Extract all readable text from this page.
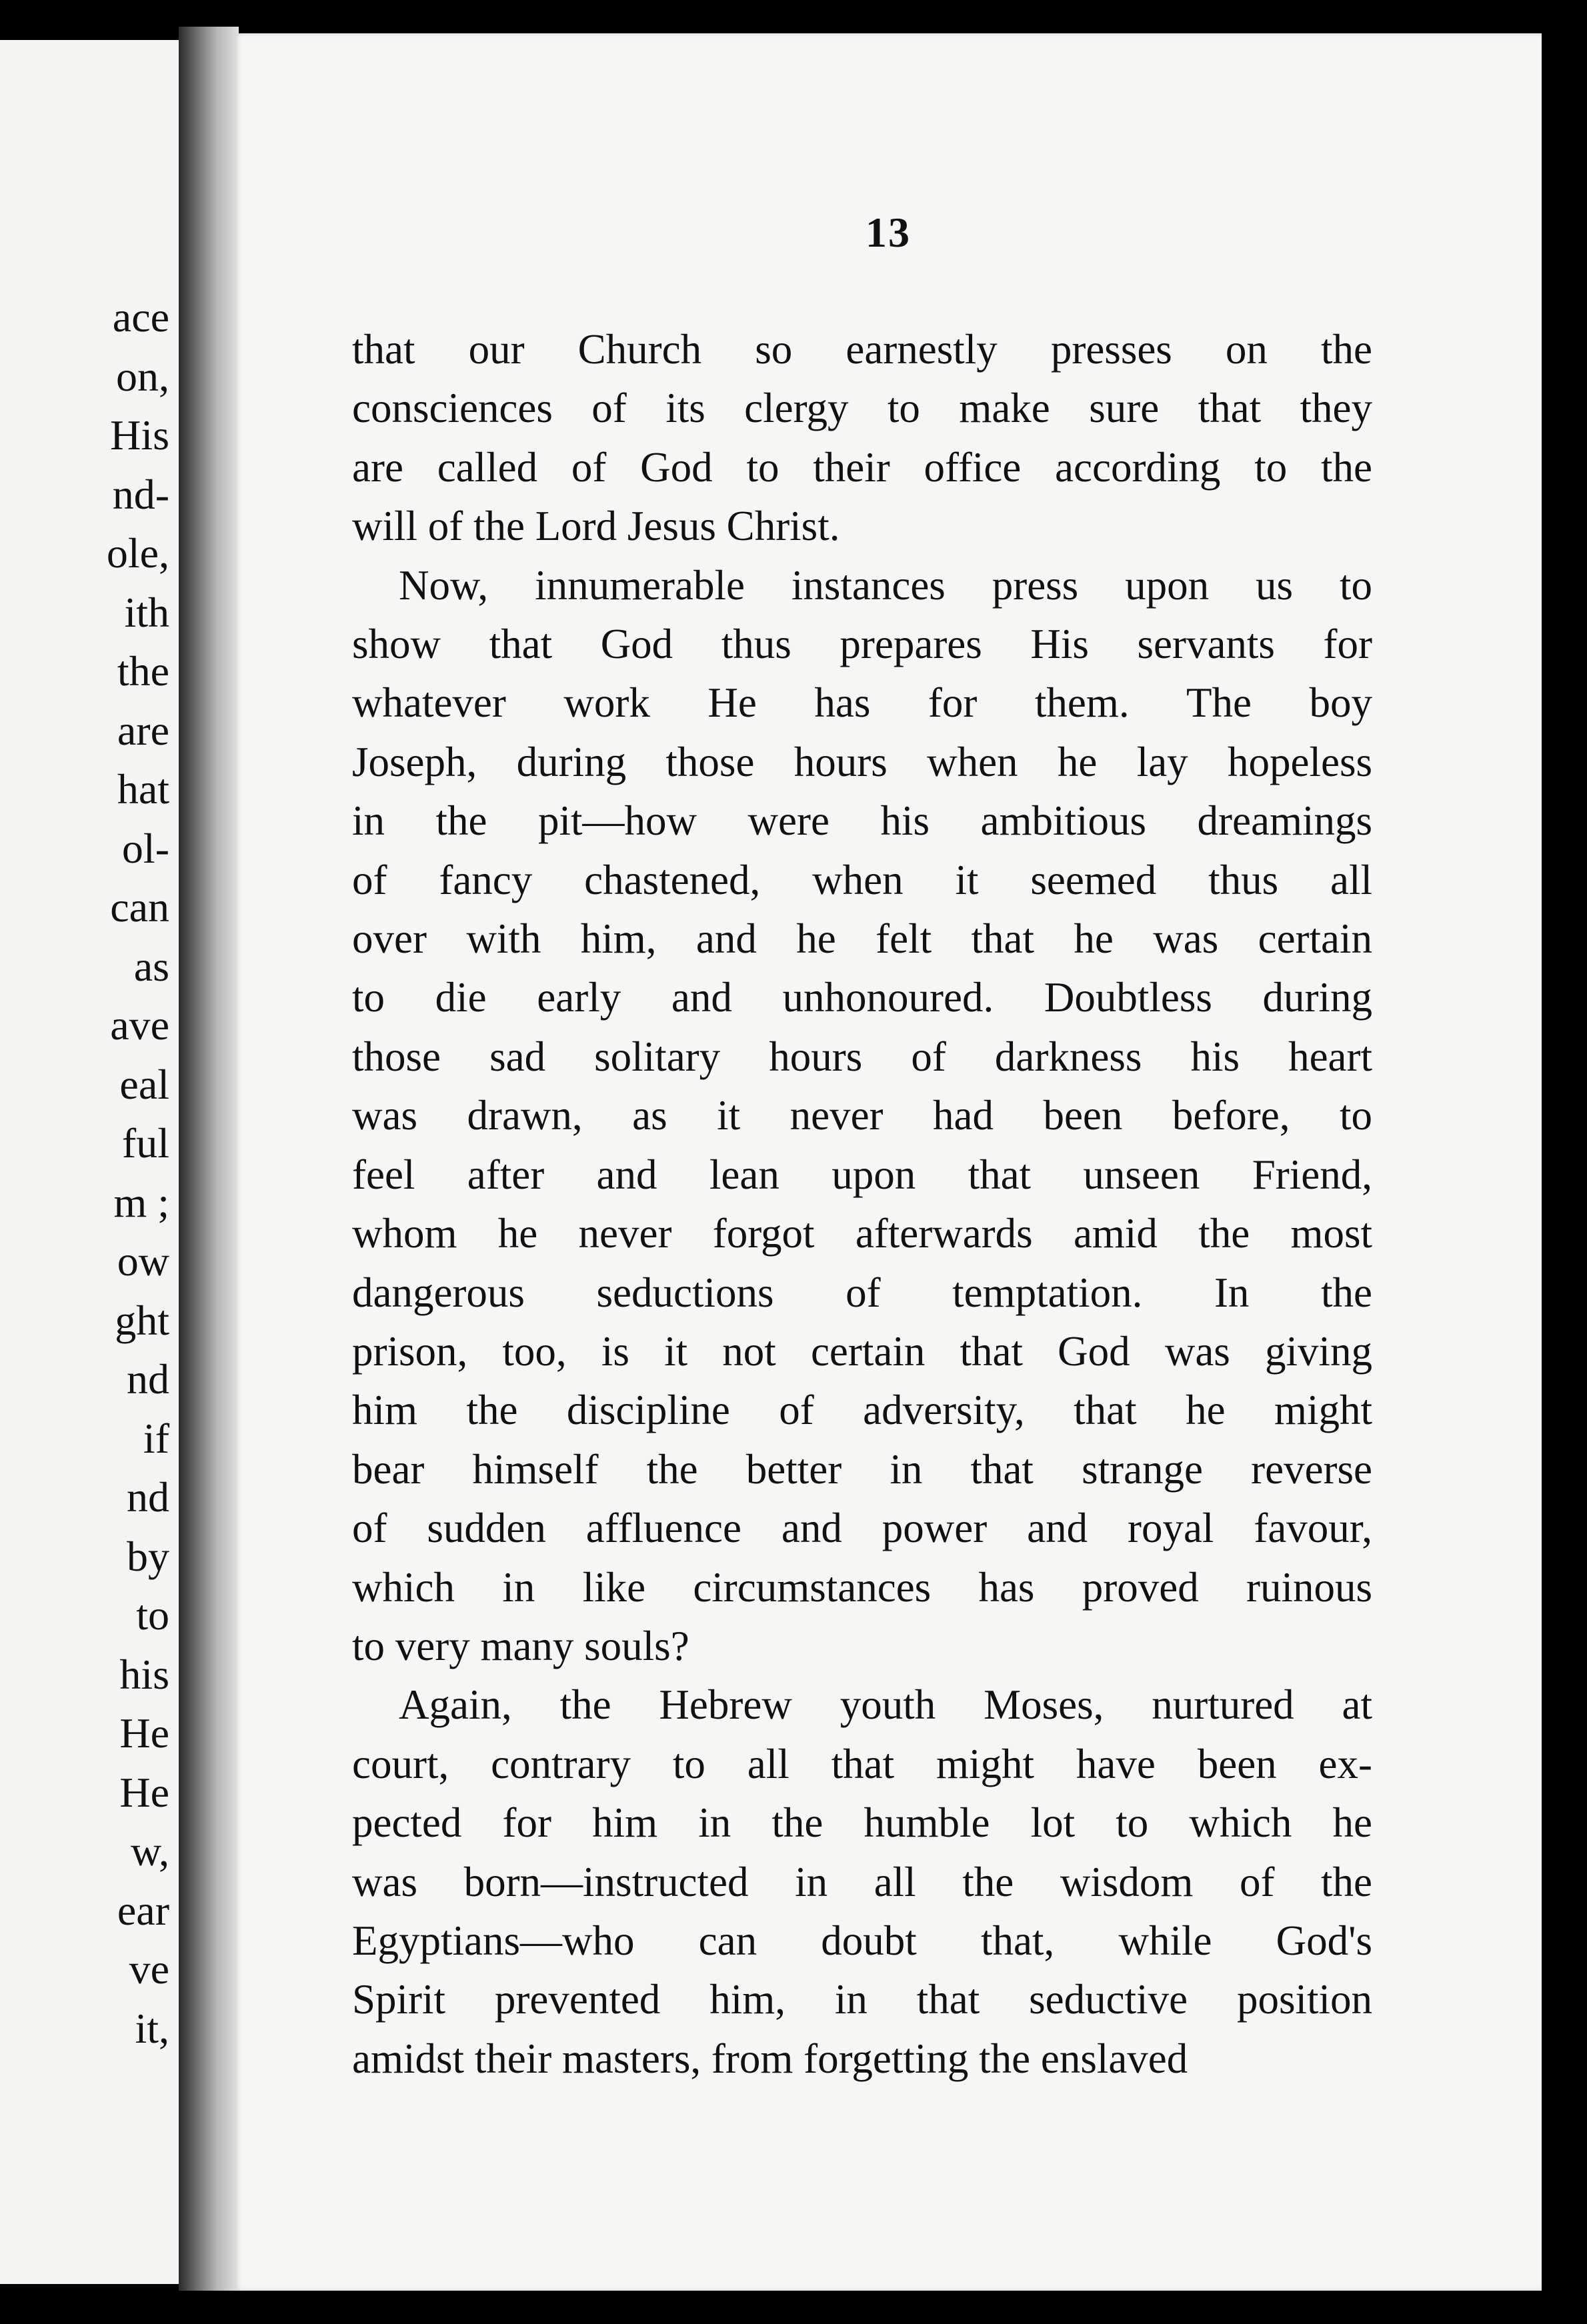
ace
on,
His
nd-
ole,
ith
the
are
hat
ol-
can
as
ave
eal
ful
m ;
ow
ght
nd
if
nd
by
to
his
He
He
w,
ear
ve
it,
13

that our Church so earnestly presses on the
consciences of its clergy to make sure that they
are called of God to their office according to the
will of the Lord Jesus Christ.

Now, innumerable instances press upon us to
show that God thus prepares His servants for
whatever work He has for them. The boy
Joseph, during those hours when he lay hopeless
in the pit—how were his ambitious dreamings
of fancy chastened, when it seemed thus all
over with him, and he felt that he was certain
to die early and unhonoured. Doubtless during
those sad solitary hours of darkness his heart
was drawn, as it never had been before, to
feel after and lean upon that unseen Friend,
whom he never forgot afterwards amid the most
dangerous seductions of temptation. In the
prison, too, is it not certain that God was giving
him the discipline of adversity, that he might
bear himself the better in that strange reverse
of sudden affluence and power and royal favour,
which in like circumstances has proved ruinous
to very many souls?

Again, the Hebrew youth Moses, nurtured at
court, contrary to all that might have been ex-
pected for him in the humble lot to which he
was born—instructed in all the wisdom of the
Egyptians—who can doubt that, while God's
Spirit prevented him, in that seductive position
amidst their masters, from forgetting the enslaved
